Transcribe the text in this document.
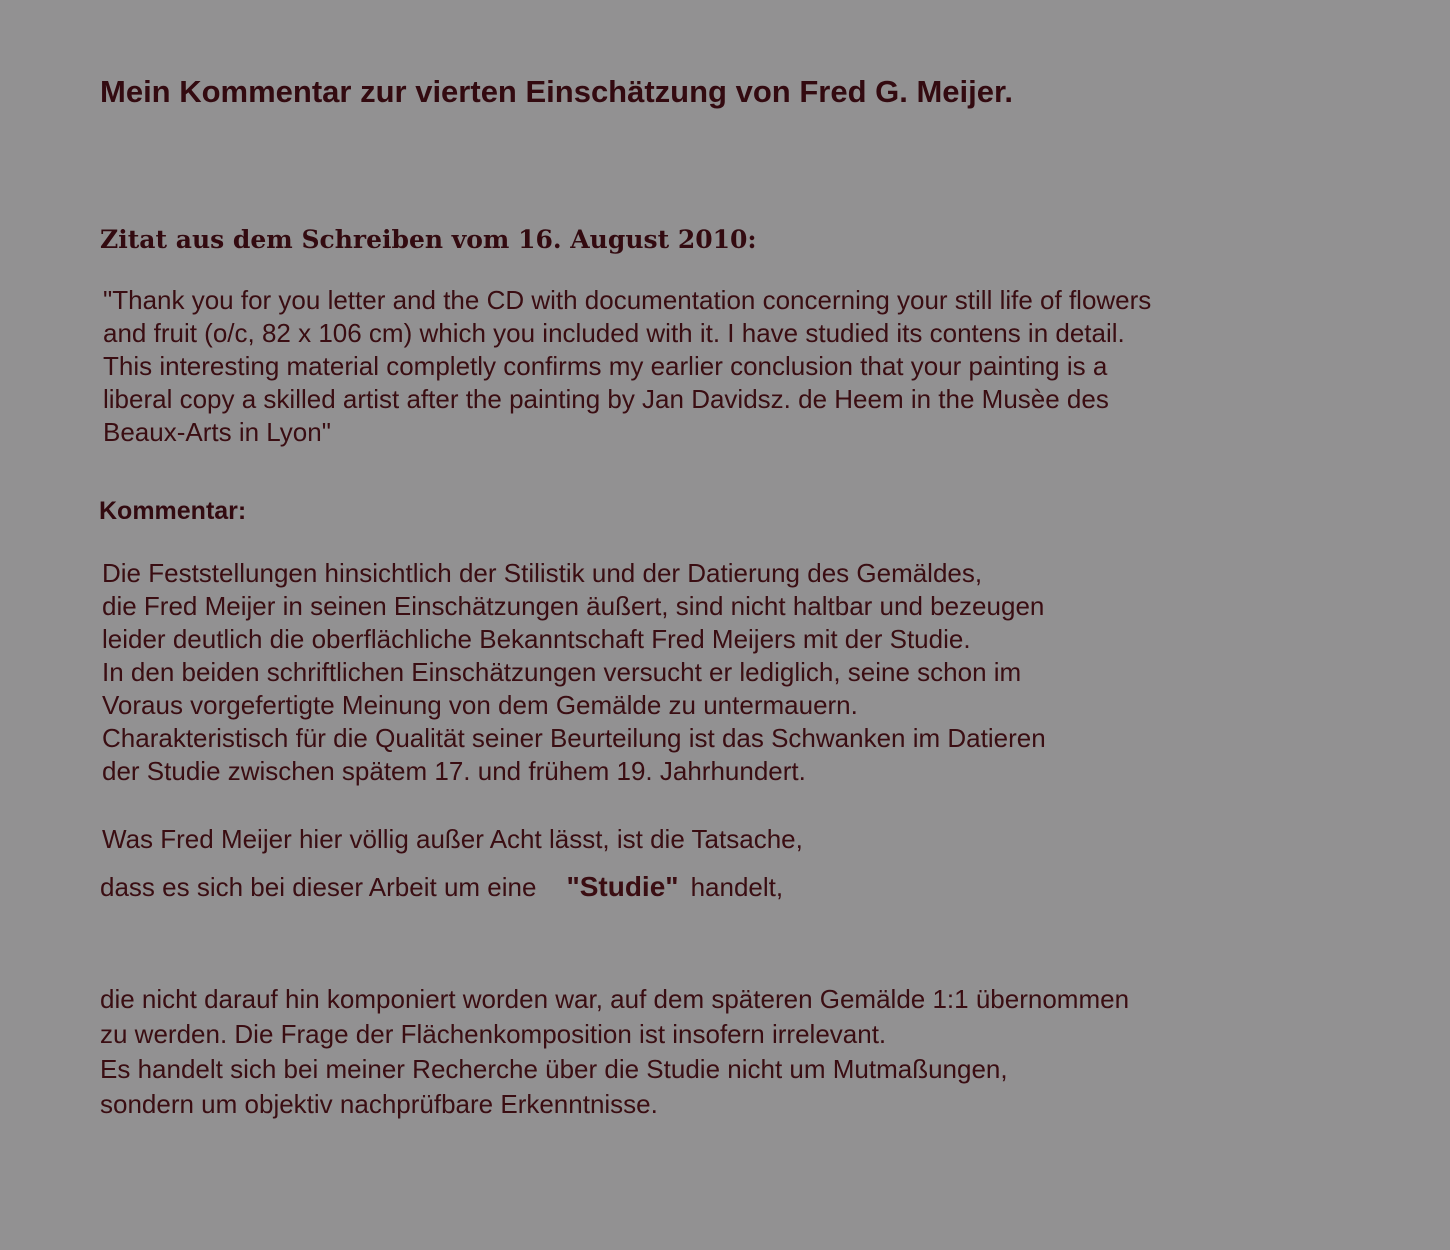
Mein Kommentar zur vierten Einschätzung von Fred G. Meijer.
Zitat aus dem Schreiben vom 16. August 2010:
"Thank you for you letter and the CD with documentation concerning your still life of flowers
and fruit (o/c, 82 x 106 cm) which you included with it. I have studied its contens in detail.
This interesting material completly confirms my earlier conclusion that your painting is a
liberal copy a skilled artist after the painting by Jan Davidsz. de Heem in the Musèe des
Beaux-Arts in Lyon"
Kommentar:
Die Feststellungen hinsichtlich der Stilistik und der Datierung des Gemäldes,
die Fred Meijer in seinen Einschätzungen äußert, sind nicht haltbar und bezeugen
leider deutlich die oberflächliche Bekanntschaft Fred Meijers mit der Studie.
In den beiden schriftlichen Einschätzungen versucht er lediglich, seine schon im
Voraus vorgefertigte Meinung von dem Gemälde zu untermauern.
Charakteristisch für die Qualität seiner Beurteilung ist das Schwanken im Datieren
der Studie zwischen spätem 17. und frühem 19. Jahrhundert.

Was Fred Meijer hier völlig außer Acht lässt, ist die Tatsache,

dass es sich bei dieser Arbeit um eine "Studie" handelt,

die nicht darauf hin komponiert worden war, auf dem späteren Gemälde 1:1 übernommen
zu werden. Die Frage der Flächenkomposition ist insofern irrelevant.
Es handelt sich bei meiner Recherche über die Studie nicht um Mutmaßungen,
sondern um objektiv nachprüfbare Erkenntnisse.
